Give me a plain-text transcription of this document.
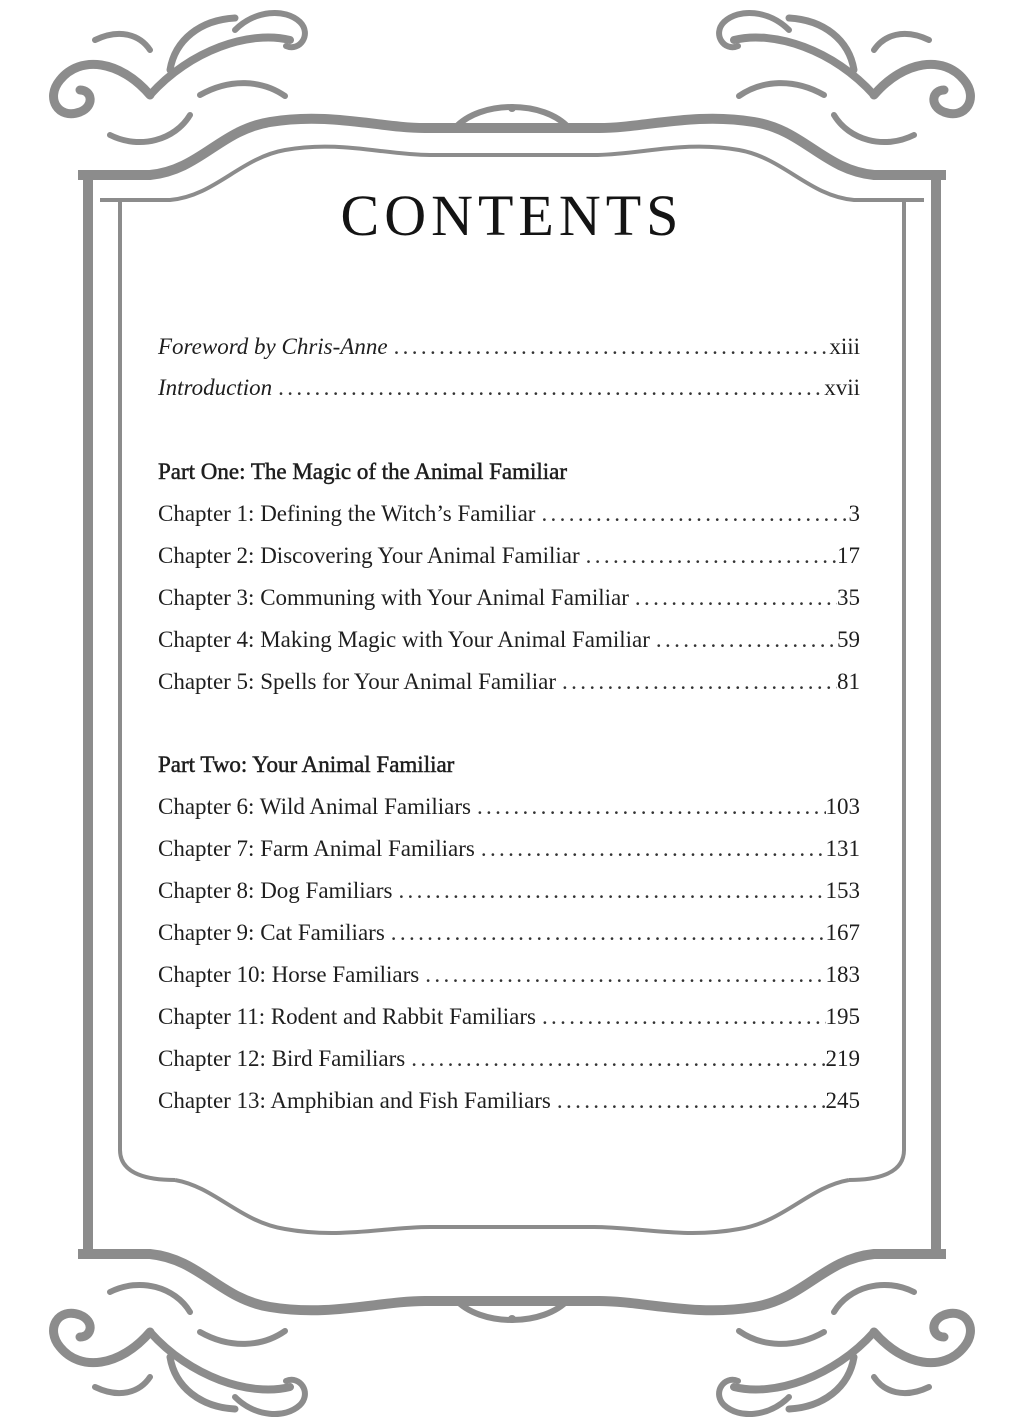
CONTENTS
Foreword by Chris-Anne . . .	xiii
Introduction . . .	xvii
Part One: The Magic of the Animal Familiar
Chapter 1: Defining the Witch’s Familiar . . .	3
Chapter 2: Discovering Your Animal Familiar . . .	17
Chapter 3: Communing with Your Animal Familiar . . .	35
Chapter 4: Making Magic with Your Animal Familiar . . .	59
Chapter 5: Spells for Your Animal Familiar . . .	81
Part Two: Your Animal Familiar
Chapter 6: Wild Animal Familiars . . .	103
Chapter 7: Farm Animal Familiars . . .	131
Chapter 8: Dog Familiars . . .	153
Chapter 9: Cat Familiars . . .	167
Chapter 10: Horse Familiars . . .	183
Chapter 11: Rodent and Rabbit Familiars . . .	195
Chapter 12: Bird Familiars . . .	219
Chapter 13: Amphibian and Fish Familiars . . .	245
